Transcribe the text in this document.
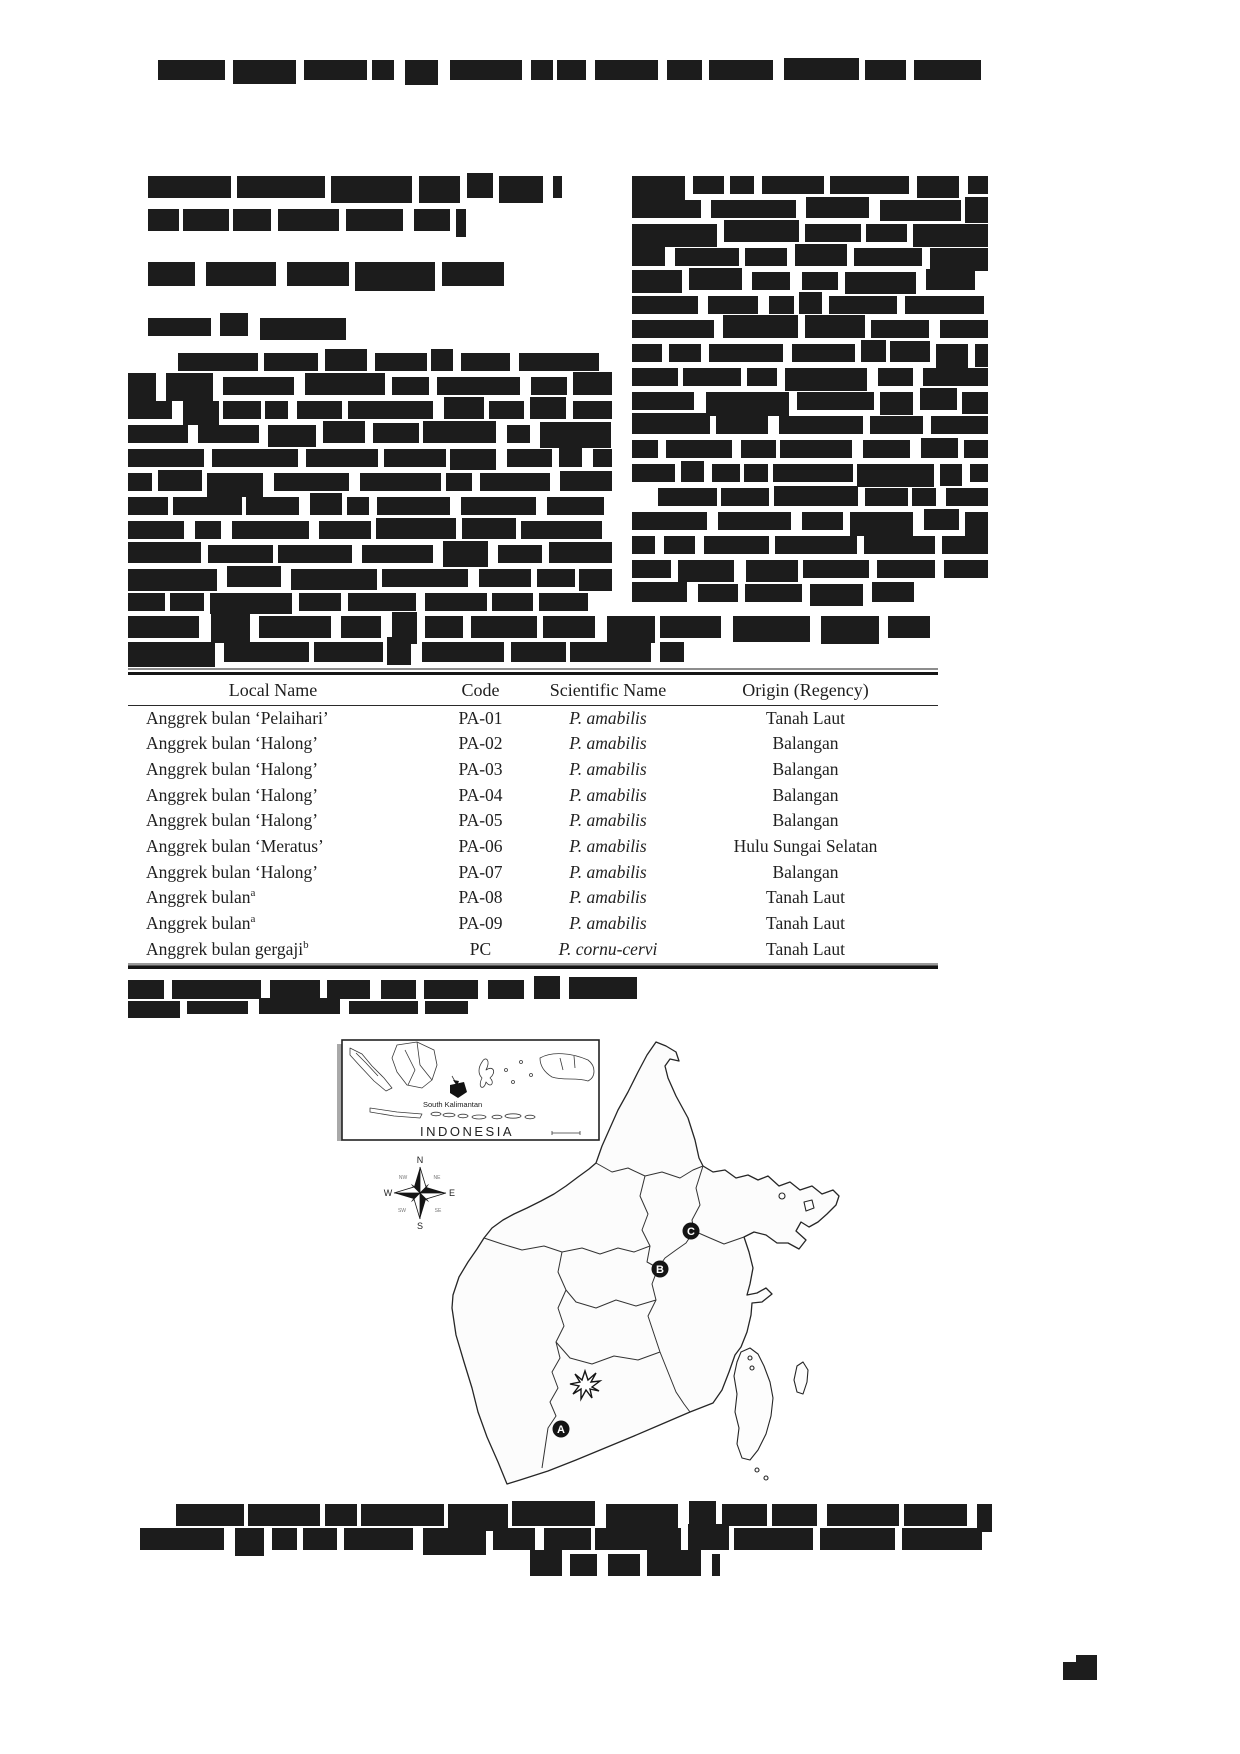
Local Name	Code	Scientific Name	Origin (Regency)
Anggrek bulan ‘Pelaihari’	PA-01	P. amabilis	Tanah Laut
Anggrek bulan ‘Halong’	PA-02	P. amabilis	Balangan
Anggrek bulan ‘Halong’	PA-03	P. amabilis	Balangan
Anggrek bulan ‘Halong’	PA-04	P. amabilis	Balangan
Anggrek bulan ‘Halong’	PA-05	P. amabilis	Balangan
Anggrek bulan ‘Meratus’	PA-06	P. amabilis	Hulu Sungai Selatan
Anggrek bulan ‘Halong’	PA-07	P. amabilis	Balangan
Anggrek bulan$^a$	PA-08	P. amabilis	Tanah Laut
Anggrek bulan$^a$	PA-09	P. amabilis	Tanah Laut
Anggrek bulan gergaji$^b$	PC	P. cornu-cervi	Tanah Laut
C
B
A
South Kalimantan
INDONESIA
N
E
S
W
NW	NE
SW	SE
